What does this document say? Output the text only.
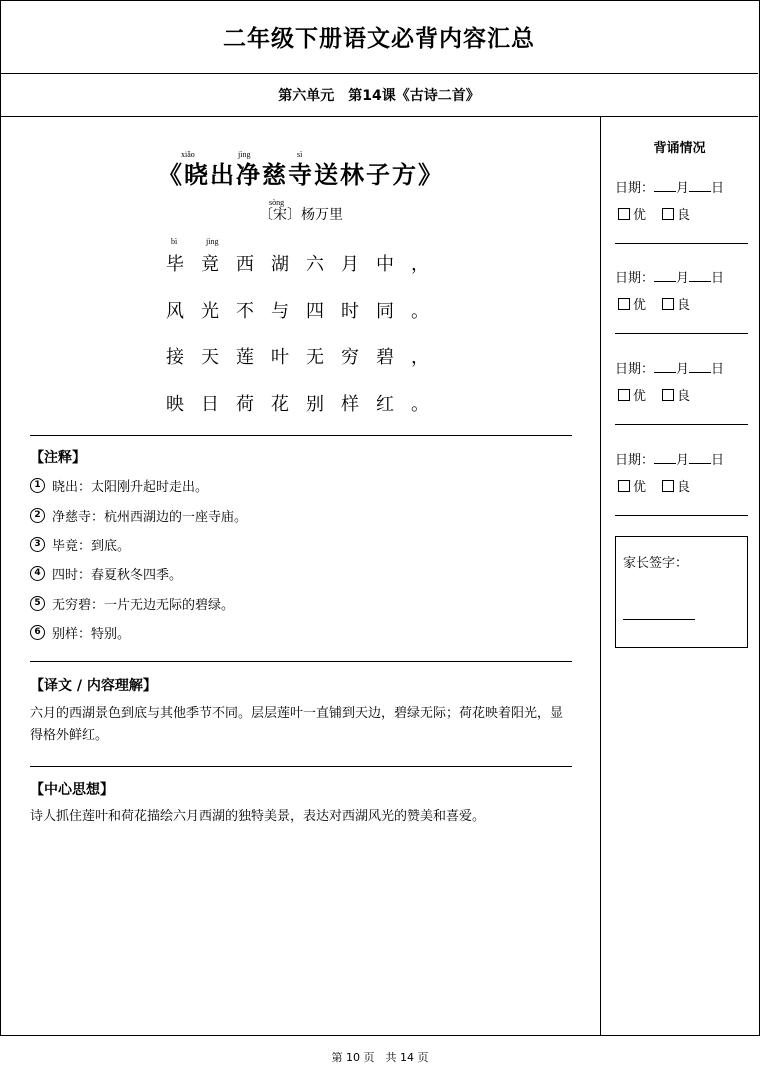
二年级下册语文必背内容汇总
第六单元　第14课《古诗二首》
xiǎo	jìng	sì
《晓出净慈寺送林子方》
sòng
〔宋〕杨万里
bì	jìng
毕竟西湖六月中，
风光不与四时同。
接天莲叶无穷碧，
映日荷花别样红。
【注释】
1 晓出：太阳刚升起时走出。
2 净慈寺：杭州西湖边的一座寺庙。
3 毕竟：到底。
4 四时：春夏秋冬四季。
5 无穷碧：一片无边无际的碧绿。
6 别样：特别。
【译文 / 内容理解】
六月的西湖景色到底与其他季节不同。层层莲叶一直铺到天边，碧绿无际；荷花映着阳光，显得格外鲜红。
【中心思想】
诗人抓住莲叶和荷花描绘六月西湖的独特美景，表达对西湖风光的赞美和喜爱。
背诵情况
日期： 月 日
优 良
日期： 月 日
优 良
日期： 月 日
优 良
日期： 月 日
优 良
家长签字：
第 10 页　共 14 页
